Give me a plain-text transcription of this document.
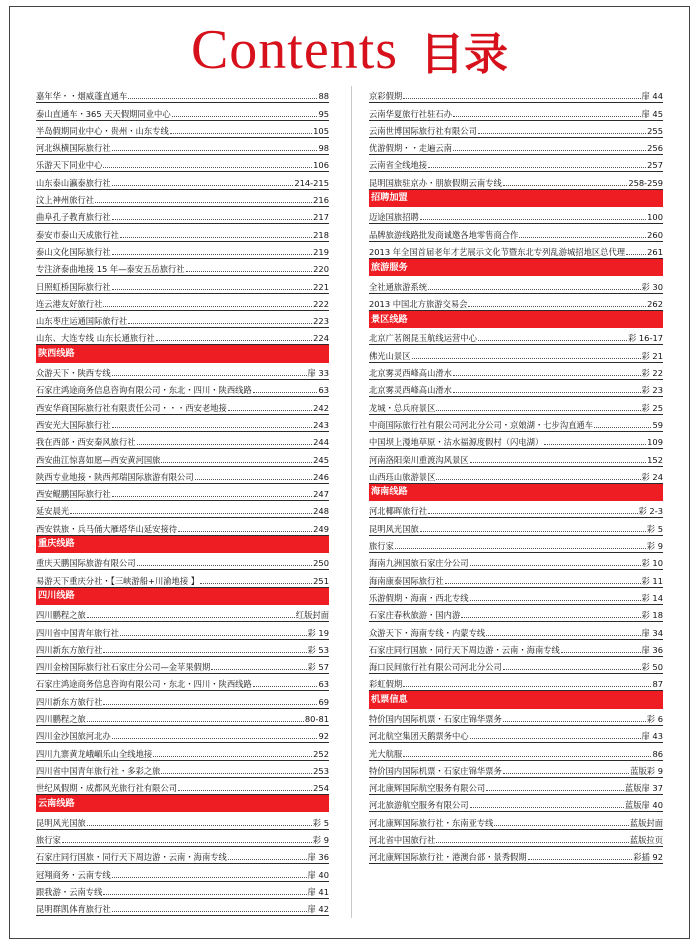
Contents 目录
嘉年华・・烟威蓬直通车	88
泰山直通车・365 天天假期同业中心	95
半岛假期同业中心・贵州・山东专线	105
河北纵横国际旅行社	98
乐游天下同业中心	106
山东泰山瀛泰旅行社	214-215
汶上神州旅行社	216
曲阜孔子教育旅行社	217
泰安市泰山天成旅行社	218
泰山文化国际旅行社	219
专注济泰曲地接 15 年—泰安五岳旅行社	220
日照虹桥国际旅行社	221
连云港友好旅行社	222
山东枣庄运通国际旅行社	223
山东、大连专线 山东长通旅行社	224
陕西线路
众游天下・陕西专线	扉 33
石家庄鸿途商务信息咨询有限公司・东北・四川・陕西线路	63
西安华商国际旅行社有限责任公司・・・西安老地接	242
西安光大国际旅行社	243
我在西部・西安秦风旅行社	244
西安曲江惊喜如愿—西安黄河国旅	245
陕西专业地接・陕西邦瑞国际旅游有限公司	246
西安鲲鹏国际旅行社	247
延安晨光	248
西安铁旅・兵马俑大雁塔华山延安接待	249
重庆线路
重庆天鹏国际旅游有限公司	250
易游天下重庆分社・【三峡游船+川渝地接 】	251
四川线路
四川鹏程之旅	红版封面
四川省中国青年旅行社	彩 19
四川新东方旅行社	彩 53
四川金榜国际旅行社石家庄分公司—金苹果假期	彩 57
石家庄鸿途商务信息咨询有限公司・东北・四川・陕西线路	63
四川新东方旅行社	69
四川鹏程之旅	80-81
四川金沙国旅河北办	92
四川九寨黄龙峨嵋乐山全线地接	252
四川省中国青年旅行社・多彩之旅	253
世纪风假期・成都风光旅行社有限公司	254
云南线路
昆明风光国旅	彩 5
旅行家	彩 9
石家庄同行国旅・同行天下周边游・云南・海南专线	扉 36
冠翔商务・云南专线	扉 40
跟我游・云南专线	扉 41
昆明群凯体育旅行社	扉 42
京彩假期	扉 44
云南华夏旅行社驻石办	扉 45
云南世博国际旅行社有限公司	255
优游假期・・走遍云南	256
云南省全线地接	257
昆明国旅驻京办・朋旅假期云南专线	258-259
招聘加盟
迈途国旅招聘	100
品牌旅游线路批发商诚邀各地零售商合作	260
2013 年全国首届老年才艺展示文化节暨东北专列乱游城招地区总代理	261
旅游服务
全社通旅游系统	彩 30
2013 中国北方旅游交易会	262
景区线路
北京广茗阁昆玉航线运营中心	彩 16-17
佛光山景区	彩 21
北京雾灵西峰高山滑水	彩 22
北京雾灵西峰高山滑水	彩 23
龙城・总兵府景区	彩 25
中商国际旅行社有限公司河北分公司・京娘湖・七步沟直通车	59
中国坝上漫地草原・沽水福源度假村（闪电湖）	109
河南洛阳栾川重渡沟风景区	152
山西珏山旅游景区	彩 24
海南线路
河北椰晖旅行社	彩 2-3
昆明风光国旅	彩 5
旅行家	彩 9
海南九洲国旅石家庄分公司	彩 10
海南康泰国际旅行社	彩 11
乐游假期・海南・西北专线	彩 14
石家庄春秋旅游・国内游	彩 18
众游天下・海南专线・内蒙专线	扉 34
石家庄同行国旅・同行天下周边游・云南・海南专线	扉 36
海口民间旅行社有限公司河北分公司	彩 50
彩虹假期	87
机票信息
特价国内国际机票・石家庄锦华票务	彩 6
河北航空集团天鹅票务中心	扉 43
光大航服	86
特价国内国际机票・石家庄锦华票务	蓝版彩 9
河北康辉国际航空服务有限公司	蓝版扉 37
河北旅游航空服务有限公司	蓝版扉 40
河北康辉国际旅行社・东南亚专线	蓝版封面
河北省中国旅行社	蓝版拉页
河北康辉国际旅行社・港澳台部・景秀假期	彩插 92
